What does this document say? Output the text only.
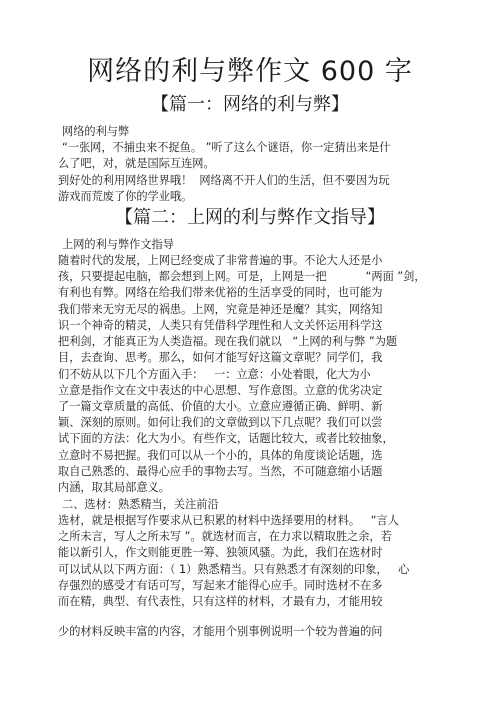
网络的利与弊作文 600 字
【篇一：网络的利与弊】
网络的利与弊
“一张网，不捕虫来不捉鱼。 ”听了这么个谜语，你一定猜出来是什
么了吧，对，就是国际互连网。
到好处的利用网络世界哦！  网络离不开人们的生活，但不要因为玩
游戏而荒废了你的学业哦。
【篇二：上网的利与弊作文指导】
上网的利与弊作文指导
随着时代的发展，上网已经变成了非常普遍的事。不论大人还是小
孩，只要提起电脑，都会想到上网。可是，上网是一把           “两面 ”剑，
有利也有弊。网络在给我们带来优裕的生活享受的同时，也可能为
我们带来无穷无尽的祸患。上网，究竟是神还是魔？其实，网络知
识一个神奇的精灵，人类只有凭借科学理性和人文关怀运用科学这
把利剑，才能真正为人类造福。现在我们就以   “上网的利与弊 ”为题
目，去查询、思考。那么，如何才能写好这篇文章呢？同学们，我
们不妨从以下几个方面入手：   一：立意：小处着眼，化大为小
立意是指作文在文中表达的中心思想、写作意图。立意的优劣决定
了一篇文章质量的高低、价值的大小。立意应遵循正确、鲜明、新
颖、深刻的原则。如何让我们的文章做到以下几点呢？我们可以尝
试下面的方法：化大为小。有些作文，话题比较大，或者比较抽象，
立意时不易把握。我们可以从一个小的，具体的角度谈论话题，选
取自己熟悉的、最得心应手的事物去写。当然，不可随意缩小话题
内涵，取其局部意义。
二、选材：熟悉精当，关注前沿
选材，就是根据写作要求从已积累的材料中选择要用的材料。   “言人
之所未言，写人之所未写 ”。就选材而言，在力求以精取胜之余，若
能以新引人，作文则能更胜一筹、独领风骚。为此，我们在选材时
可以试从以下两方面：（ 1）熟悉精当。只有熟悉才有深刻的印象，   心
存强烈的感受才有话可写，写起来才能得心应手。同时选材不在多
而在精，典型、有代表性，只有这样的材料，才最有力，才能用较
少的材料反映丰富的内容，才能用个别事例说明一个较为普遍的问
